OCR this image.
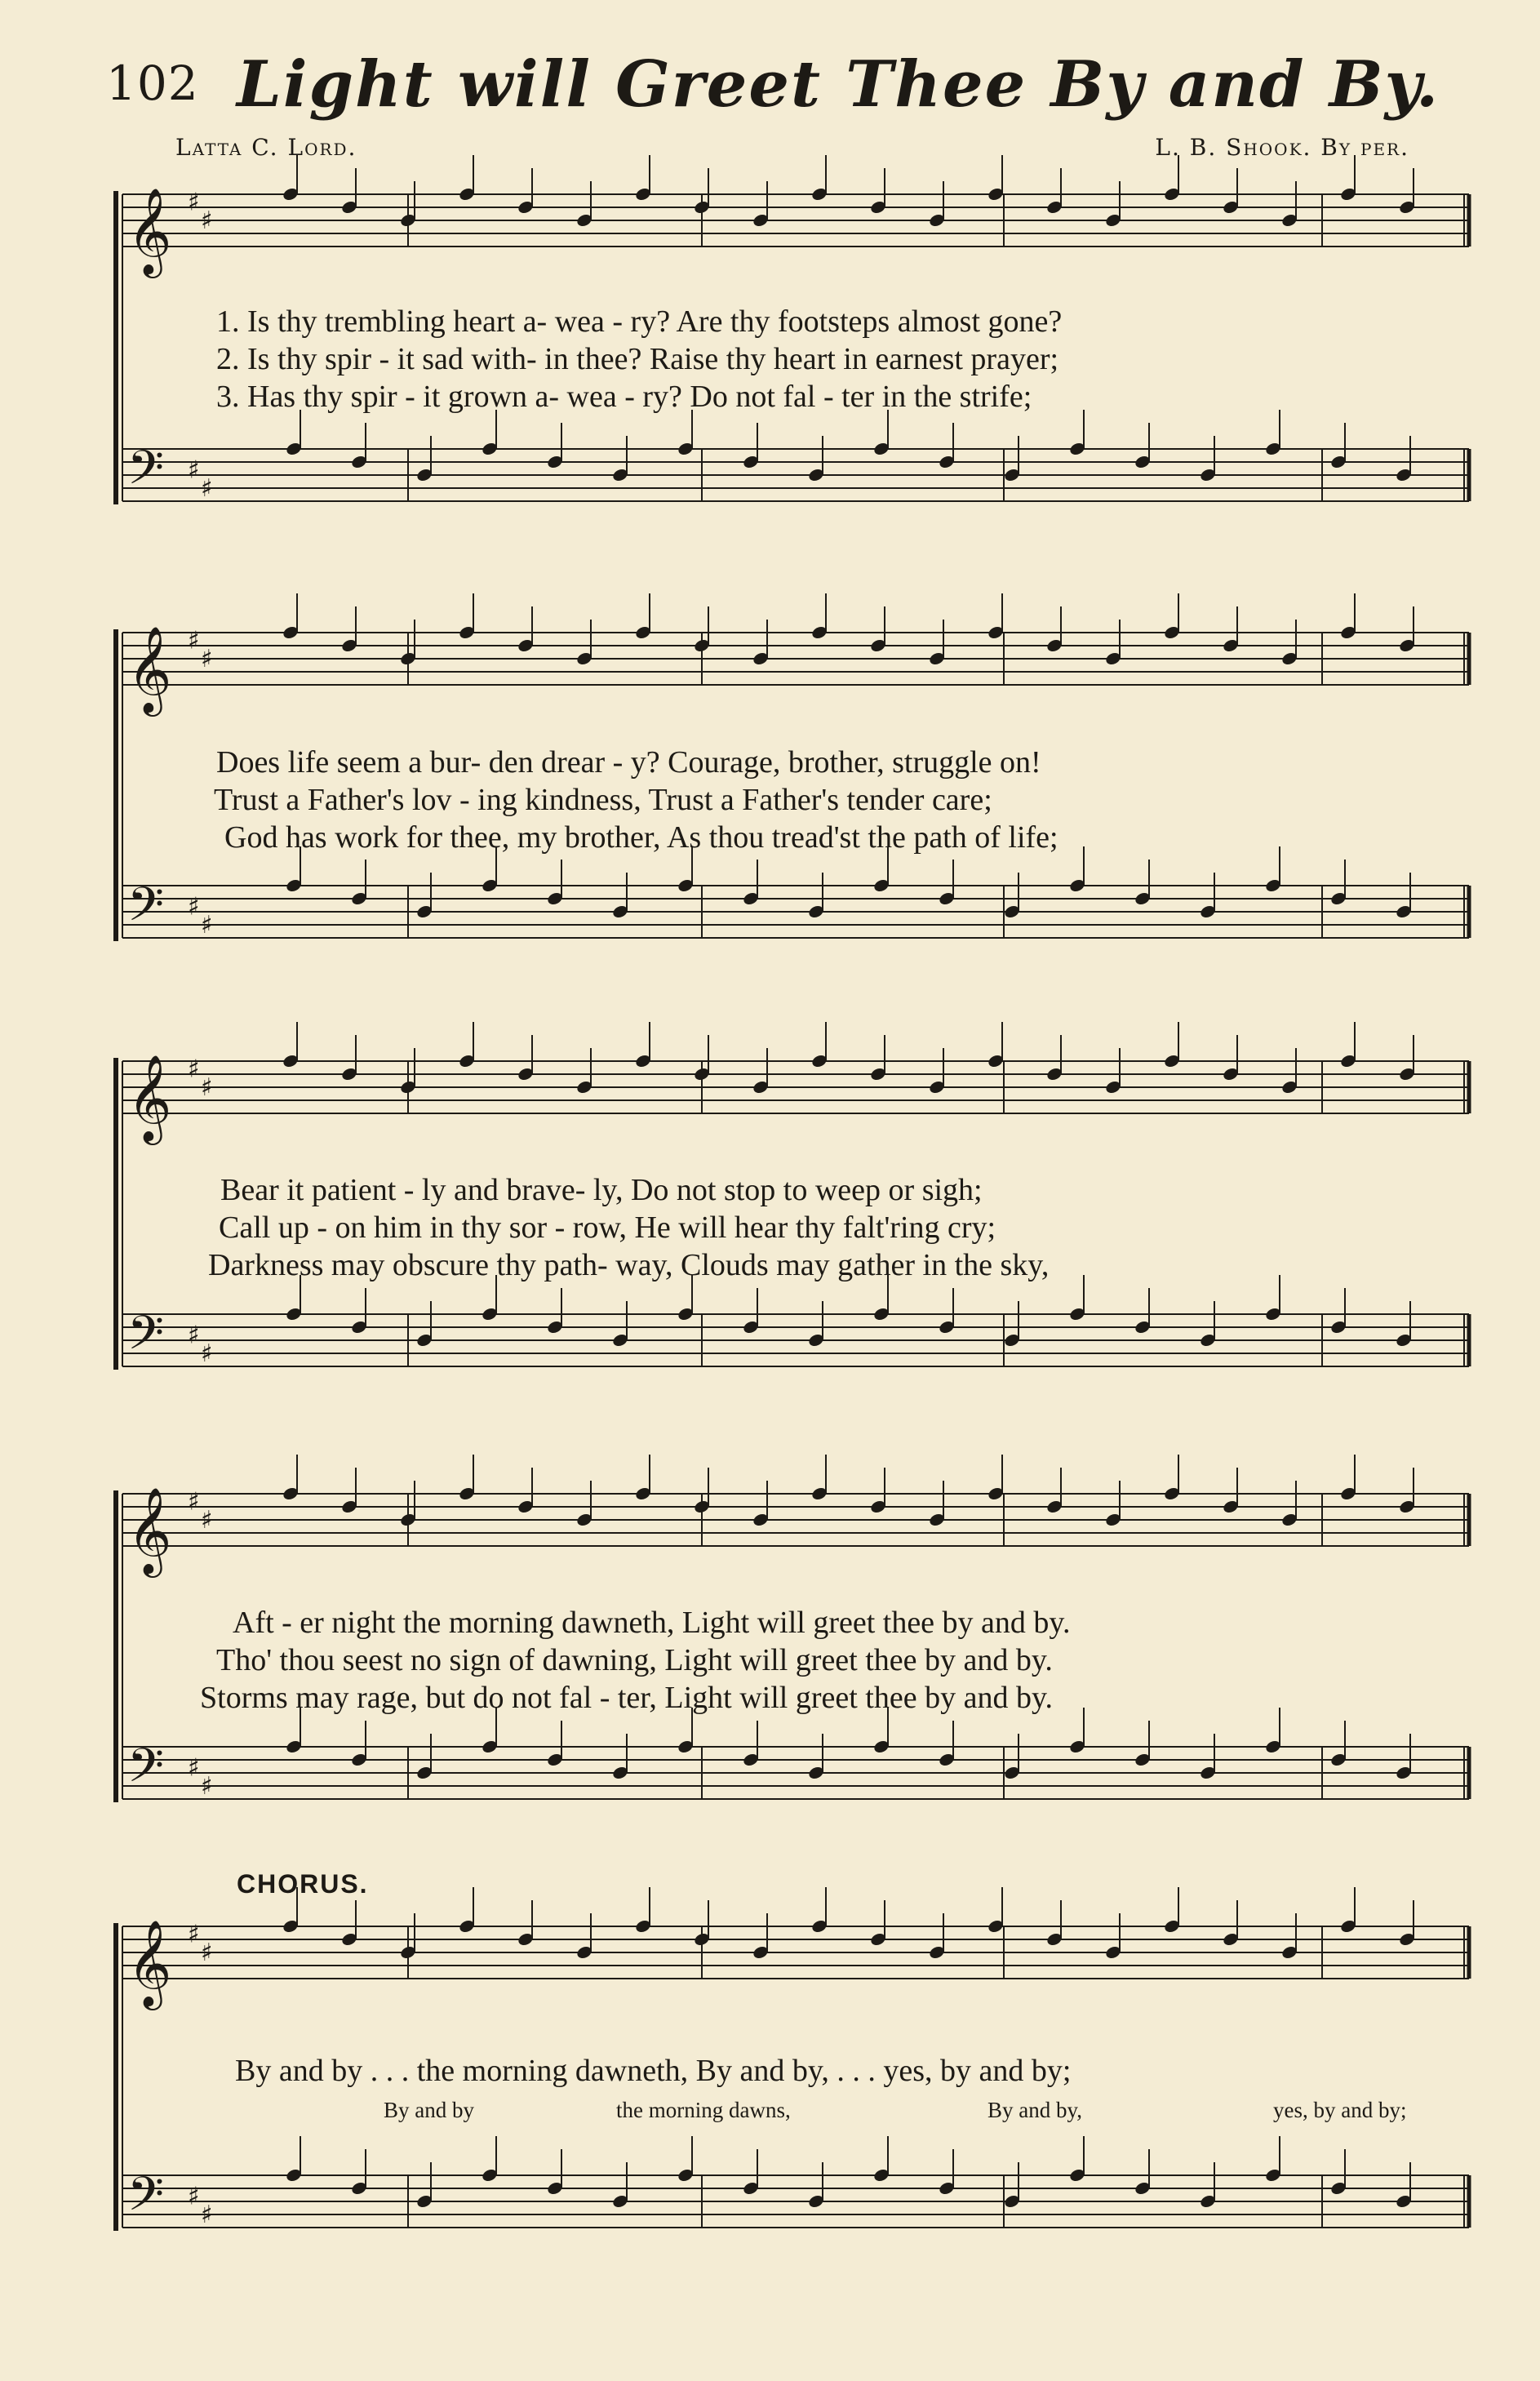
102 Light will Greet Thee By and By.
Latta C. Lord.	L. B. Shook. By per.
𝄞
𝄢
♯
♯
♯
♯
𝄞
𝄢
♯
♯
♯
♯
𝄞
𝄢
♯
♯
♯
♯
𝄞
𝄢
♯
♯
♯
♯
𝄞
𝄢
♯
♯
♯
♯
1. Is thy trembling heart a- wea - ry? Are thy footsteps almost gone?
2. Is thy spir - it sad with- in thee? Raise thy heart in earnest prayer;
3. Has thy spir - it grown a- wea - ry? Do not fal - ter in the strife;
Does life seem a bur- den drear - y? Courage, brother, struggle on!
Trust a Father's lov - ing kindness, Trust a Father's tender care;
God has work for thee, my brother, As thou tread'st the path of life;
Bear it patient - ly and brave- ly, Do not stop to weep or sigh;
Call up - on him in thy sor - row, He will hear thy falt'ring cry;
Darkness may obscure thy path- way, Clouds may gather in the sky,
Aft - er night the morning dawneth, Light will greet thee by and by.
Tho' thou seest no sign of dawning, Light will greet thee by and by.
Storms may rage, but do not fal - ter, Light will greet thee by and by.
CHORUS.
By and by . . . the morning dawneth, By and by, . . . yes, by and by;
By and by	the morning dawns,	By and by,	yes, by and by;
